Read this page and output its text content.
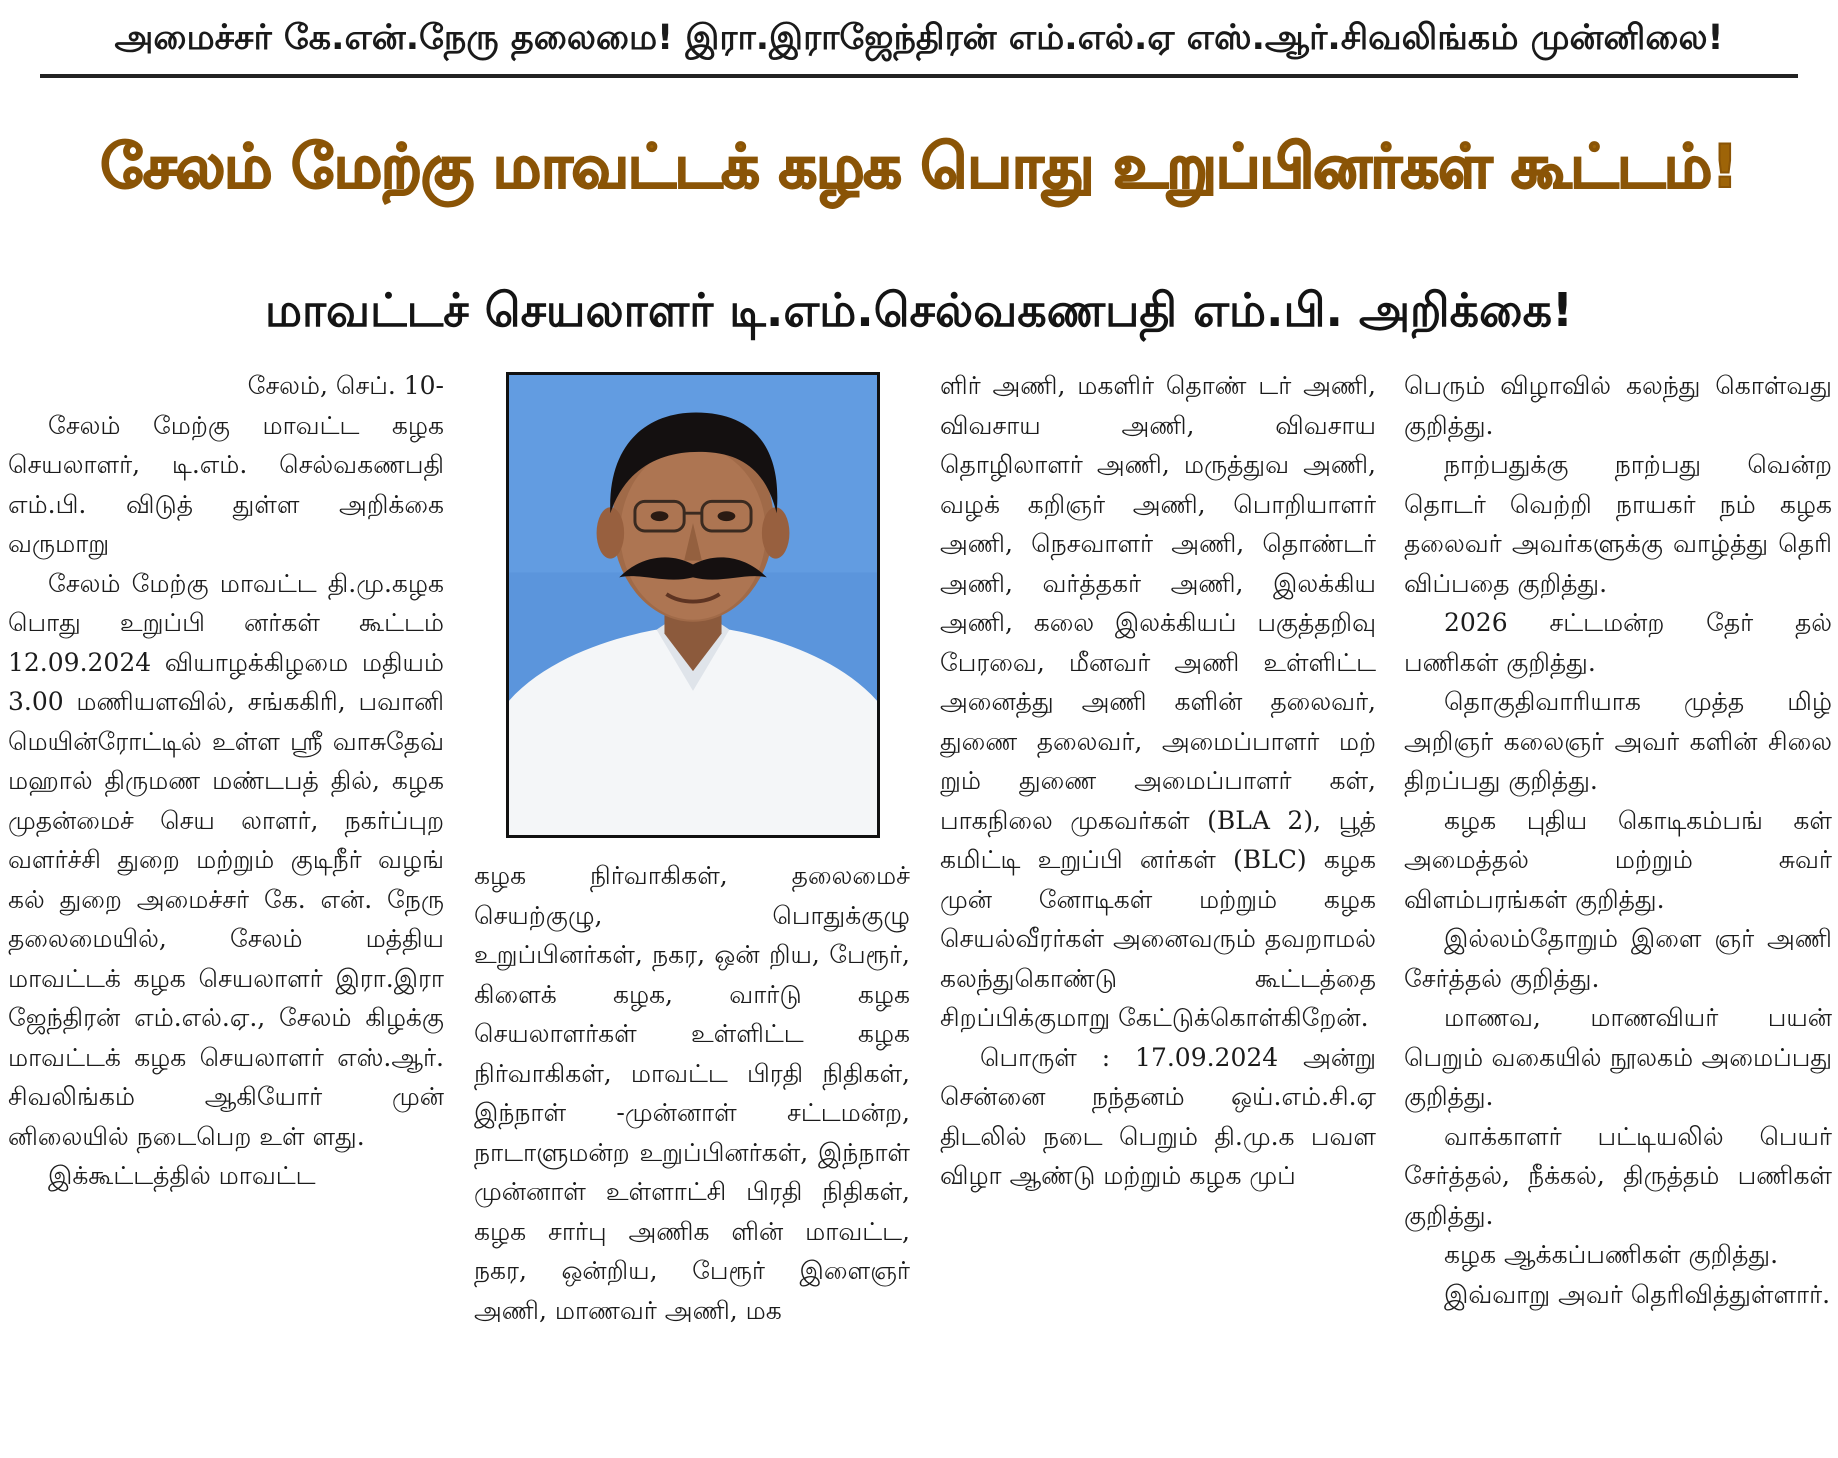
அமைச்சர் கே.என்.நேரு தலைமை! இரா.இராஜேந்திரன் எம்.எல்.ஏ எஸ்.ஆர்.சிவலிங்கம் முன்னிலை!
சேலம் மேற்கு மாவட்டக் கழக பொது உறுப்பினர்கள் கூட்டம்!
மாவட்டச் செயலாளர் டி.எம்.செல்வகணபதி எம்.பி. அறிக்கை!

சேலம், செப். 10-

சேலம் மேற்கு மாவட்ட கழக செயலாளர், டி.எம். செல்வகணபதி எம்.பி. விடுத் துள்ள அறிக்கை வருமாறு

சேலம் மேற்கு மாவட்ட தி.மு.கழக பொது உறுப்பி னர்கள் கூட்டம் 12.09.2024 வியாழக்கிழமை மதியம் 3.00 மணியளவில், சங்ககிரி, பவானி மெயின்ரோட்டில் உள்ள ஸ்ரீ வாசுதேவ் மஹால் திருமண மண்டபத் தில், கழக முதன்மைச் செய லாளர், நகர்ப்புற வளர்ச்சி துறை மற்றும் குடிநீர் வழங் கல் துறை அமைச்சர் கே. என். நேரு தலைமையில், சேலம் மத்திய மாவட்டக் கழக செயலாளர் இரா.இரா ஜேந்திரன் எம்.எல்.ஏ., சேலம் கிழக்கு மாவட்டக் கழக செயலாளர் எஸ்.ஆர். சிவலிங்கம் ஆகியோர் முன் னிலையில் நடைபெற உள் ளது.

இக்கூட்டத்தில் மாவட்ட

கழக நிர்வாகிகள், தலைமைச் செயற்குழு, பொதுக்குழு உறுப்பினர்கள், நகர, ஒன் றிய, பேரூர், கிளைக் கழக, வார்டு கழக செயலாளர்கள் உள்ளிட்ட கழக நிர்வாகிகள், மாவட்ட பிரதி நிதிகள், இந்நாள் -முன்னாள் சட்டமன்ற, நாடாளுமன்ற உறுப்பினர்கள், இந்நாள் முன்னாள் உள்ளாட்சி பிரதி நிதிகள், கழக சார்பு அணிக ளின் மாவட்ட, நகர, ஒன்றிய, பேரூர் இளைஞர் அணி, மாணவர் அணி, மக

ளிர் அணி, மகளிர் தொண் டர் அணி, விவசாய அணி, விவசாய தொழிலாளர் அணி, மருத்துவ அணி, வழக் கறிஞர் அணி, பொறியாளர் அணி, நெசவாளர் அணி, தொண்டர் அணி, வர்த்தகர் அணி, இலக்கிய அணி, கலை இலக்கியப் பகுத்தறிவு பேரவை, மீனவர் அணி உள்ளிட்ட அனைத்து அணி களின் தலைவர், துணை தலைவர், அமைப்பாளர் மற் றும் துணை அமைப்பாளர் கள், பாகநிலை முகவர்கள் (BLA 2), பூத் கமிட்டி உறுப்பி னர்கள் (BLC) கழக முன் னோடிகள் மற்றும் கழக செயல்வீரர்கள் அனைவரும் தவறாமல் கலந்துகொண்டு கூட்டத்தை சிறப்பிக்குமாறு கேட்டுக்கொள்கிறேன்.

பொருள் : 17.09.2024 அன்று சென்னை நந்தனம் ஒய்.எம்.சி.ஏ திடலில் நடை பெறும் தி.மு.க பவள விழா ஆண்டு மற்றும் கழக முப்

பெரும் விழாவில் கலந்து கொள்வது குறித்து.

நாற்பதுக்கு நாற்பது வென்ற தொடர் வெற்றி நாயகர் நம் கழக தலைவர் அவர்களுக்கு வாழ்த்து தெரி விப்பதை குறித்து.

2026 சட்டமன்ற தேர் தல் பணிகள் குறித்து.

தொகுதிவாரியாக முத்த மிழ் அறிஞர் கலைஞர் அவர் களின் சிலை திறப்பது குறித்து.

கழக புதிய கொடிகம்பங் கள் அமைத்தல் மற்றும் சுவர் விளம்பரங்கள் குறித்து.

இல்லம்தோறும் இளை ஞர் அணி சேர்த்தல் குறித்து.

மாணவ, மாணவியர் பயன் பெறும் வகையில் நூலகம் அமைப்பது குறித்து.

வாக்காளர் பட்டியலில் பெயர் சேர்த்தல், நீக்கல், திருத்தம் பணிகள் குறித்து.

கழக ஆக்கப்பணிகள் குறித்து.

இவ்வாறு அவர் தெரிவித்துள்ளார்.
